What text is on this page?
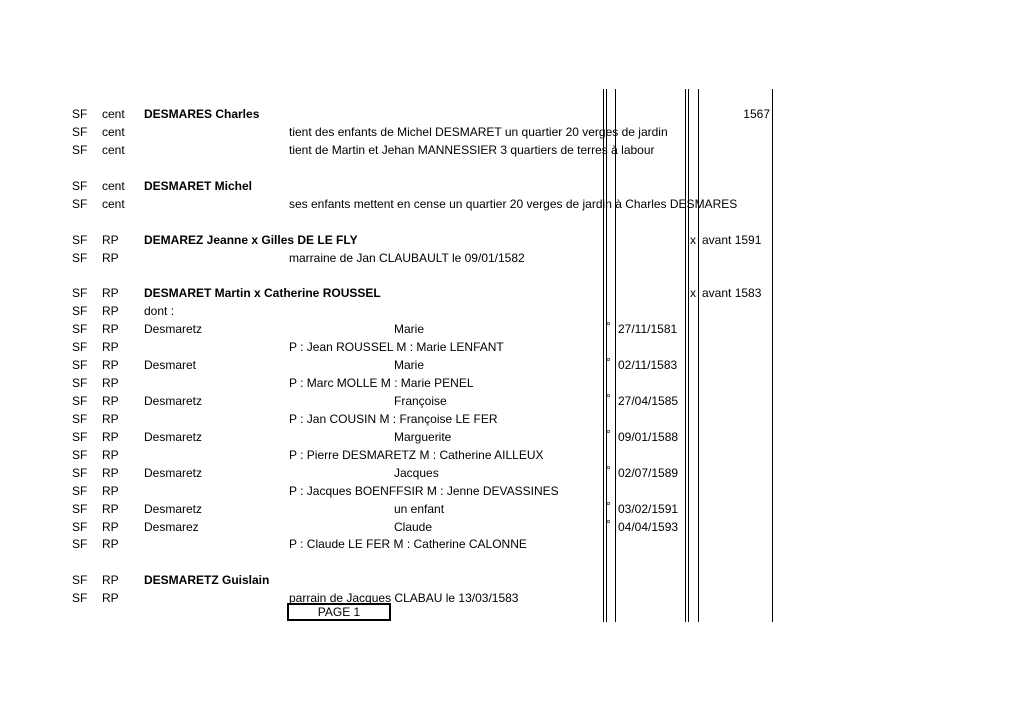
SF cent DESMARES Charles	1567
SF cent	tient des enfants de Michel DESMARET un quartier 20 verges de jardin
SF cent	tient de Martin et Jehan MANNESSIER 3 quartiers de terres à labour
SF cent DESMARET Michel
SF cent	ses enfants mettent en cense un quartier 20 verges de jardin à Charles DESMARES
SF RP DEMAREZ Jeanne x Gilles DE LE FLY	x avant 1591
SF RP	marraine de Jan CLAUBAULT le 09/01/1582
SF RP DESMARET Martin x Catherine ROUSSEL	x avant 1583
SF RP dont :
SF RP Desmaretz	Marie	° 27/11/1581
SF RP	P : Jean ROUSSEL M : Marie LENFANT
SF RP Desmaret	Marie	° 02/11/1583
SF RP	P : Marc MOLLE M : Marie PENEL
SF RP Desmaretz	Françoise	° 27/04/1585
SF RP	P : Jan COUSIN M : Françoise LE FER
SF RP Desmaretz	Marguerite	° 09/01/1588
SF RP	P : Pierre DESMARETZ M : Catherine AILLEUX
SF RP Desmaretz	Jacques	° 02/07/1589
SF RP	P : Jacques BOENFFSIR M : Jenne DEVASSINES
SF RP Desmaretz	un enfant	° 03/02/1591
SF RP Desmarez	Claude	° 04/04/1593
SF RP	P : Claude LE FER M : Catherine CALONNE
SF RP DESMARETZ Guislain
SF RP	parrain de Jacques CLABAU le 13/03/1583
PAGE 1
